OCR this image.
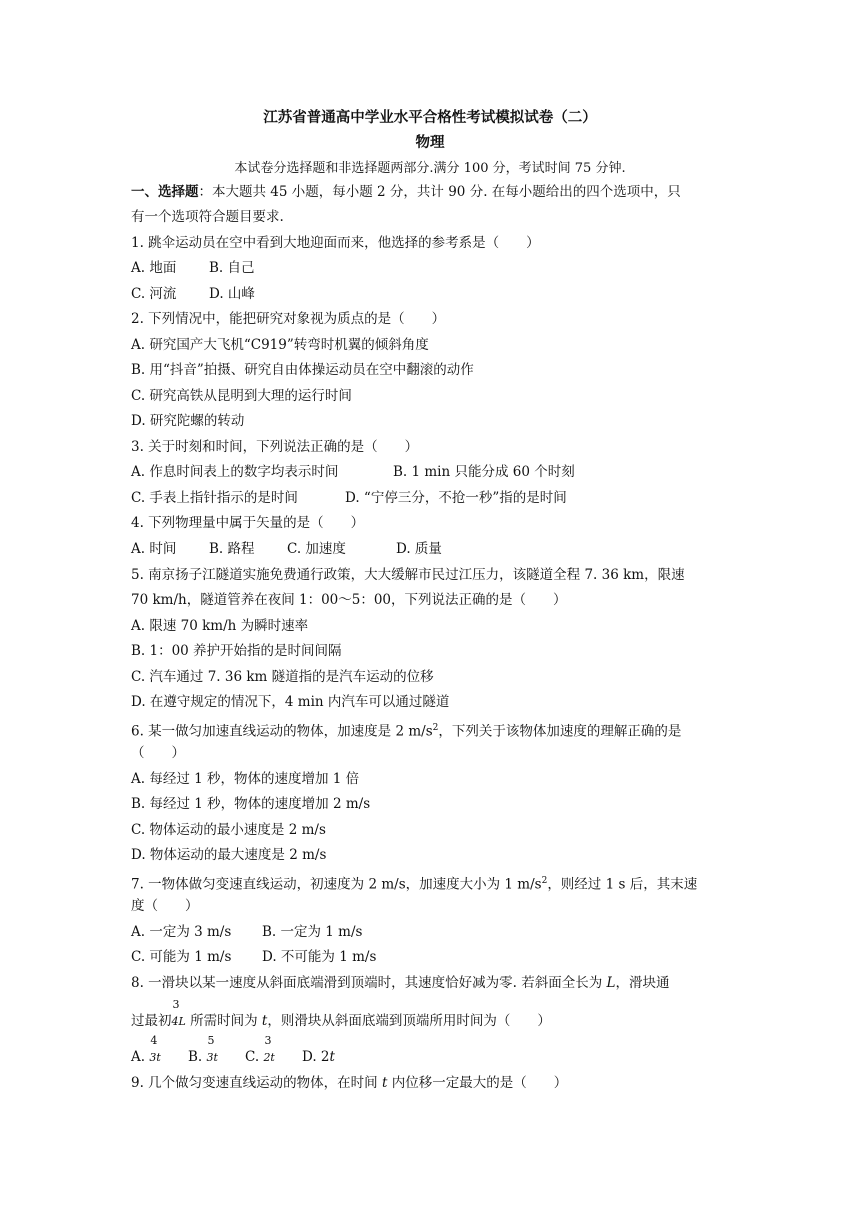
江苏省普通高中学业水平合格性考试模拟试卷（二）
物理
本试卷分选择题和非选择题两部分.满分 100 分，考试时间 75 分钟.
一、选择题：本大题共 45 小题，每小题 2 分，共计 90 分. 在每小题给出的四个选项中，只
有一个选项符合题目要求.
1. 跳伞运动员在空中看到大地迎面而来，他选择的参考系是（　　）
A. 地面 B. 自己
C. 河流 D. 山峰
2. 下列情况中，能把研究对象视为质点的是（　　）
A. 研究国产大飞机“C919”转弯时机翼的倾斜角度
B. 用“抖音”拍摄、研究自由体操运动员在空中翻滚的动作
C. 研究高铁从昆明到大理的运行时间
D. 研究陀螺的转动
3. 关于时刻和时间，下列说法正确的是（　　）
A. 作息时间表上的数字均表示时间	B. 1 min 只能分成 60 个时刻
C. 手表上指针指示的是时间	D. “宁停三分，不抢一秒”指的是时间
4. 下列物理量中属于矢量的是（　　）
A. 时间 B. 路程 C. 加速度	D. 质量
5. 南京扬子江隧道实施免费通行政策，大大缓解市民过江压力，该隧道全程 7. 36 km，限速
70 km/h，隧道管养在夜间 1：00～5：00，下列说法正确的是（　　）
A. 限速 70 km/h 为瞬时速率
B. 1：00 养护开始指的是时间间隔
C. 汽车通过 7. 36 km 隧道指的是汽车运动的位移
D. 在遵守规定的情况下，4 min 内汽车可以通过隧道
6. 某一做匀加速直线运动的物体，加速度是 2 $m/s^2$，下列关于该物体加速度的理解正确的是
（　　）
A. 每经过 1 秒，物体的速度增加 1 倍
B. 每经过 1 秒，物体的速度增加 2 m/s
C. 物体运动的最小速度是 2 m/s
D. 物体运动的最大速度是 2 m/s
7. 一物体做匀变速直线运动，初速度为 2 m/s，加速度大小为 1 $m/s^2$，则经过 1 s 后，其末速
度（　　）
A. 一定为 3 m/s B. 一定为 1 m/s
C. 可能为 1 m/s D. 不可能为 1 m/s
8. 一滑块以某一速度从斜面底端滑到顶端时，其速度恰好减为零. 若斜面全长为 L，滑块通
过最初
3
4L 所需时间为 t，则滑块从斜面底端到顶端所用时间为（　　）
A.
4
3t B.
5
3t C.
3
2t D. 2t
9. 几个做匀变速直线运动的物体，在时间 t 内位移一定最大的是（　　）
